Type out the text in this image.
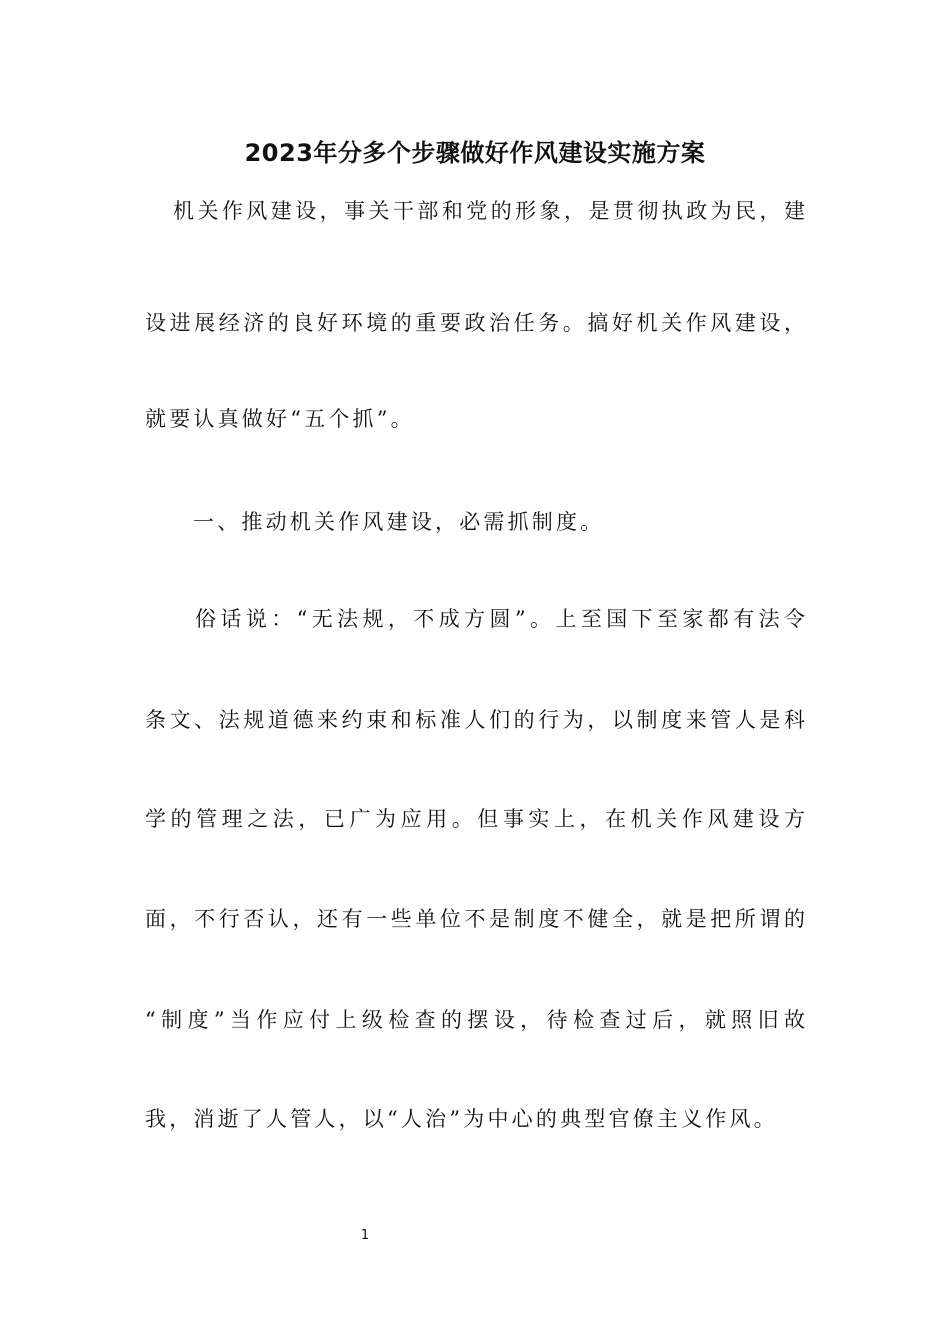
2023年分多个步骤做好作风建设实施方案
机关作风建设，事关干部和党的形象，是贯彻执政为民，建
设进展经济的良好环境的重要政治任务。搞好机关作风建设，
就要认真做好“五个抓”。
一、推动机关作风建设，必需抓制度。
俗话说：“无法规，不成方圆”。上至国下至家都有法令
条文、法规道德来约束和标准人们的行为，以制度来管人是科
学的管理之法，已广为应用。但事实上，在机关作风建设方
面，不行否认，还有一些单位不是制度不健全，就是把所谓的
“制度”当作应付上级检查的摆设，待检查过后，就照旧故
我，消逝了人管人，以“人治”为中心的典型官僚主义作风。
1
